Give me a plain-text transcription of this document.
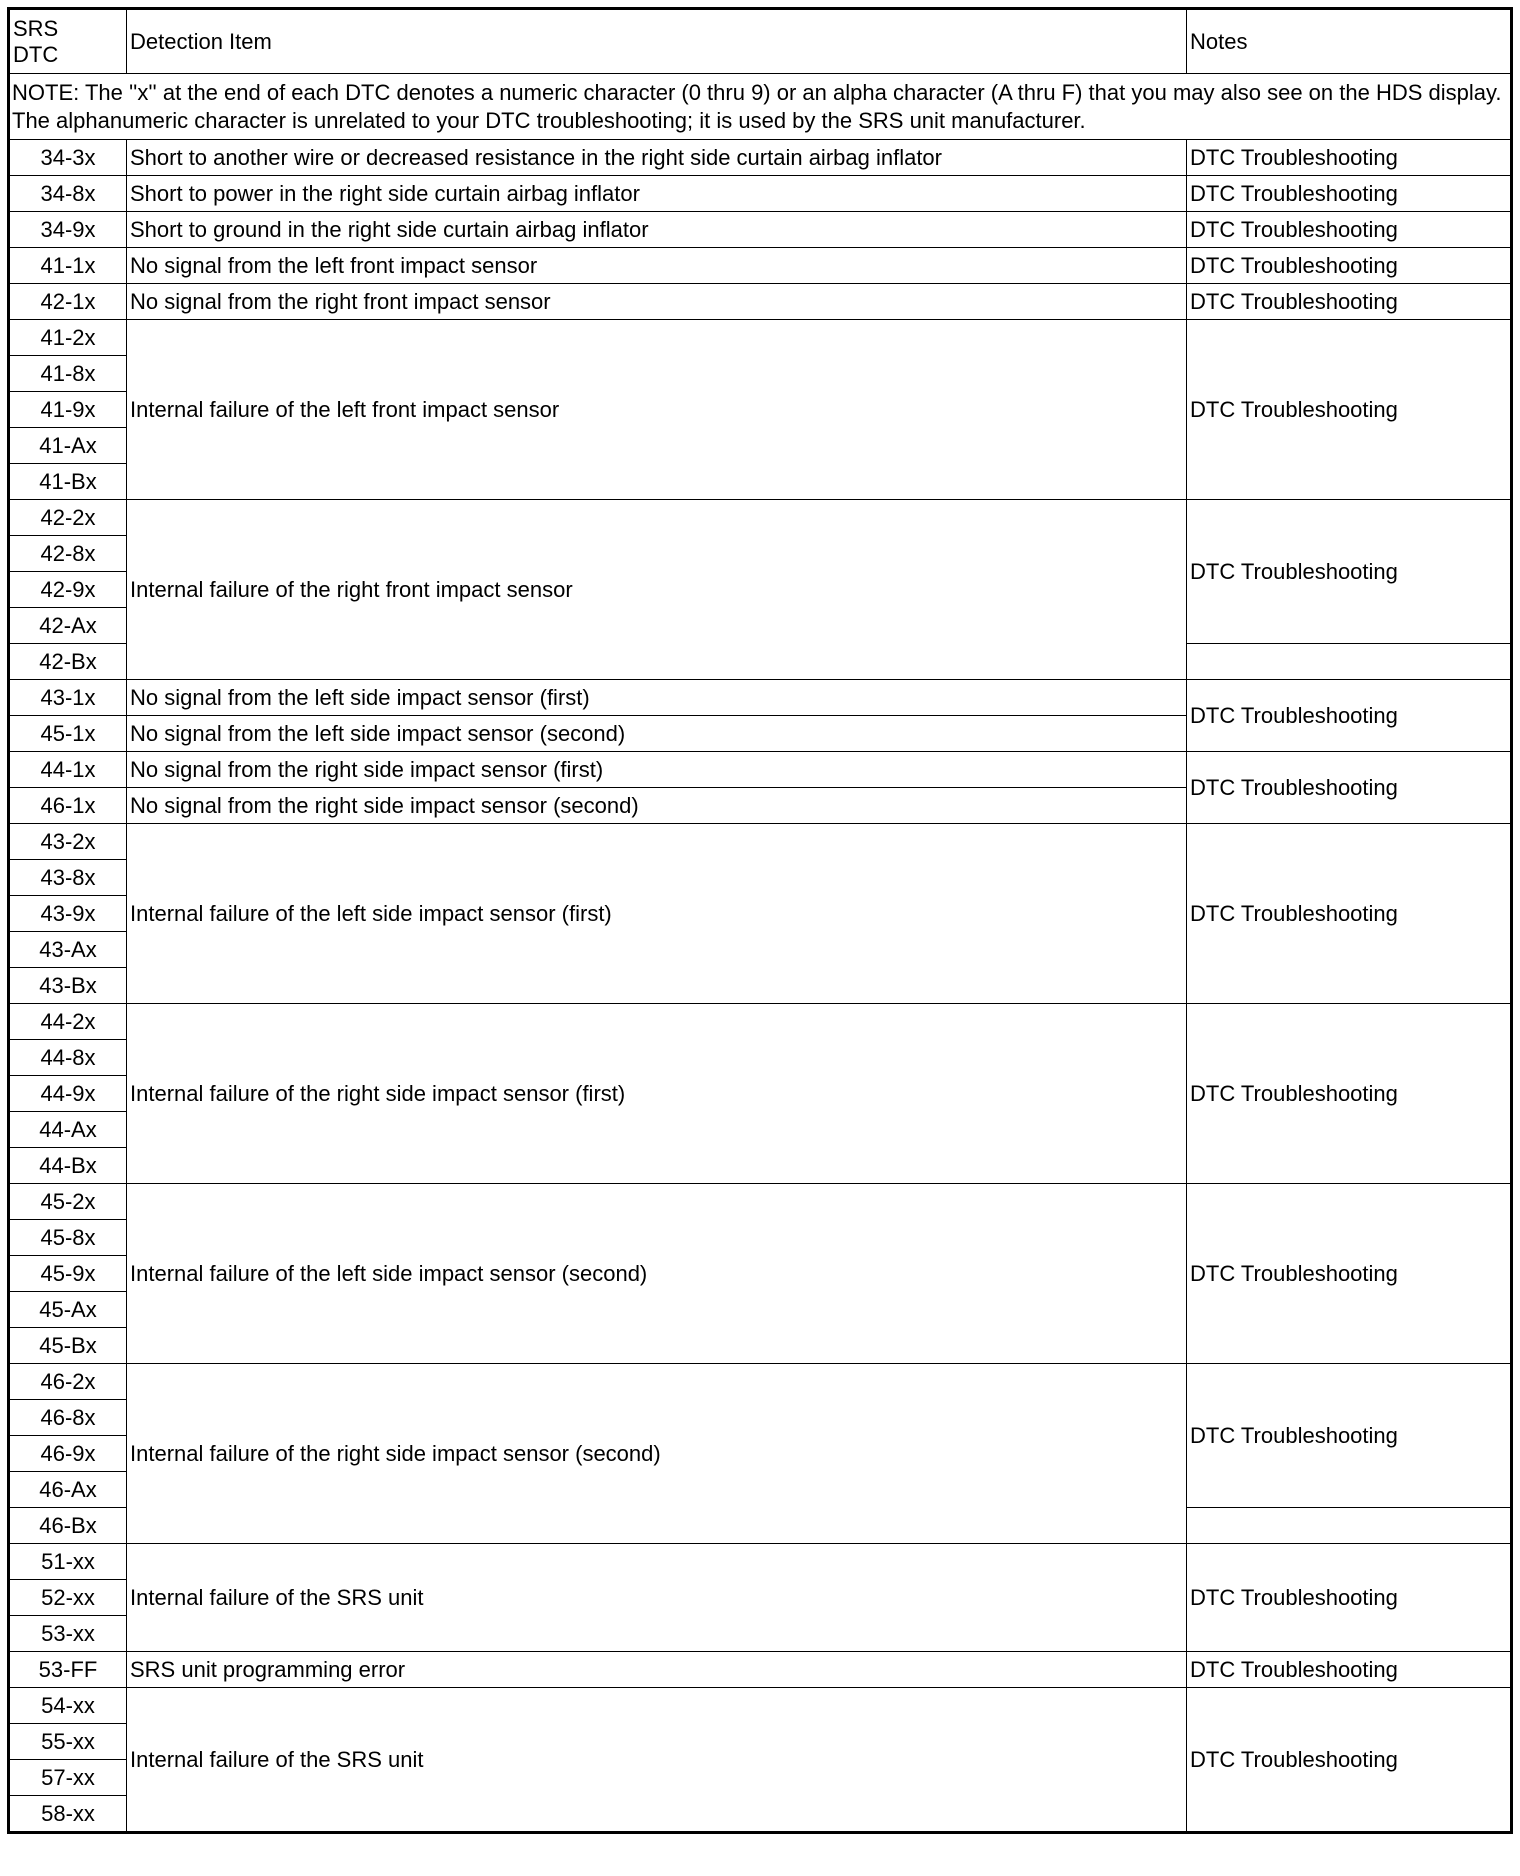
SRS
DTC	Detection Item	Notes
NOTE: The ''x'' at the end of each DTC denotes a numeric character (0 thru 9) or an alpha character (A thru F) that you may also see on the HDS display. The alphanumeric character is unrelated to your DTC troubleshooting; it is used by the SRS unit manufacturer.		
34-3x	Short to another wire or decreased resistance in the right side curtain airbag inflator	DTC Troubleshooting
34-8x	Short to power in the right side curtain airbag inflator	DTC Troubleshooting
34-9x	Short to ground in the right side curtain airbag inflator	DTC Troubleshooting
41-1x	No signal from the left front impact sensor	DTC Troubleshooting
42-1x	No signal from the right front impact sensor	DTC Troubleshooting
41-2x	Internal failure of the left front impact sensor	DTC Troubleshooting
41-8x		
41-9x		
41-Ax		
41-Bx		
42-2x	Internal failure of the right front impact sensor	DTC Troubleshooting
42-8x		
42-9x		
42-Ax		
42-Bx		
43-1x	No signal from the left side impact sensor (first)	DTC Troubleshooting
45-1x	No signal from the left side impact sensor (second)	
44-1x	No signal from the right side impact sensor (first)	DTC Troubleshooting
46-1x	No signal from the right side impact sensor (second)	
43-2x	Internal failure of the left side impact sensor (first)	DTC Troubleshooting
43-8x		
43-9x		
43-Ax		
43-Bx		
44-2x	Internal failure of the right side impact sensor (first)	DTC Troubleshooting
44-8x		
44-9x		
44-Ax		
44-Bx		
45-2x	Internal failure of the left side impact sensor (second)	DTC Troubleshooting
45-8x		
45-9x		
45-Ax		
45-Bx		
46-2x	Internal failure of the right side impact sensor (second)	DTC Troubleshooting
46-8x		
46-9x		
46-Ax		
46-Bx		
51-xx	Internal failure of the SRS unit	DTC Troubleshooting
52-xx		
53-xx		
53-FF	SRS unit programming error	DTC Troubleshooting
54-xx	Internal failure of the SRS unit	DTC Troubleshooting
55-xx		
57-xx		
58-xx		
